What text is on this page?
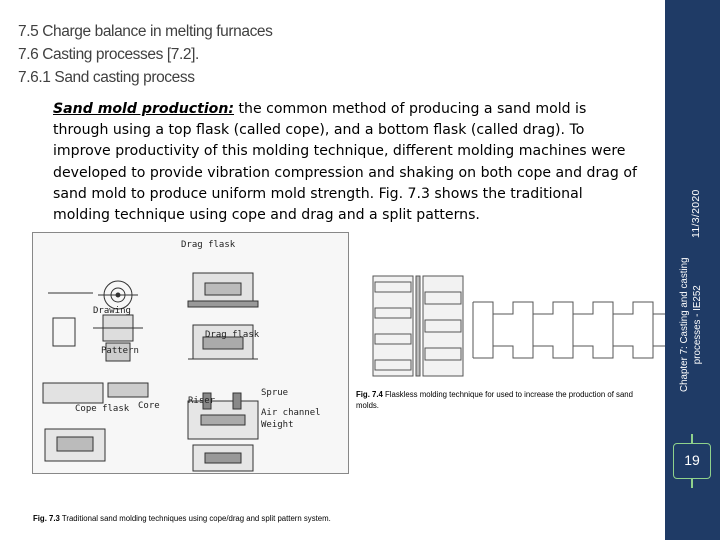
7.5 Charge balance in melting furnaces
7.6 Casting processes [7.2].
7.6.1 Sand casting process
Sand mold production: the common method of producing a sand mold is through using a top flask (called cope), and a bottom flask (called drag). To improve productivity of this molding technique, different molding machines were developed to provide vibration compression and shaking on both cope and drag of sand mold to produce uniform mold strength. Fig. 7.3 shows the traditional molding technique using cope and drag and a split patterns.
Drag flask
Drawing
Pattern
Drag flask
Cope flask Core	Riser
Sprue
Air channel
Weight
Fig. 7.4 Flaskless molding technique for used to increase the production of sand molds.
Fig. 7.3 Traditional sand molding techniques using cope/drag and split pattern system.
11/3/2020
Chapter 7: Casting and casting processes - IE252
19
